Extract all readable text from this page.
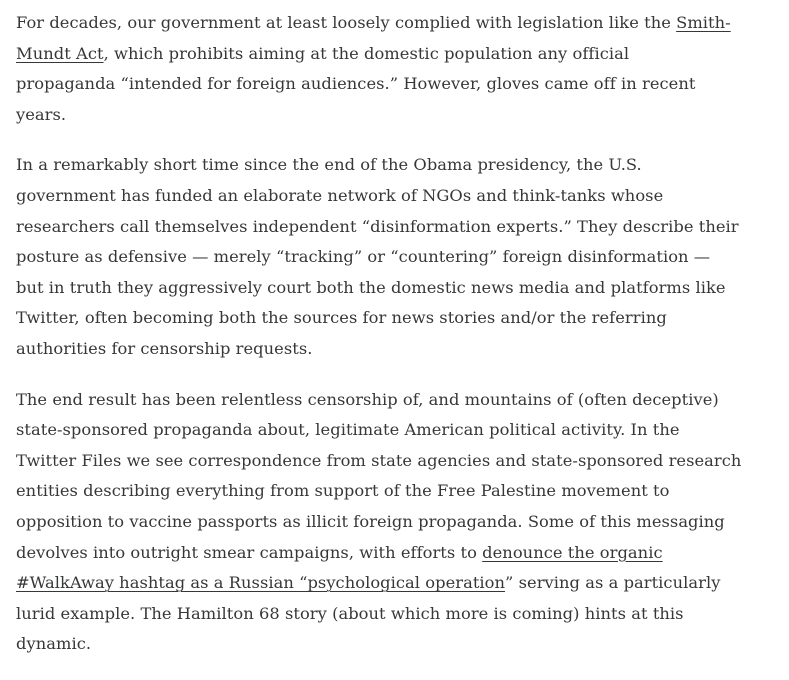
For decades, our government at least loosely complied with legislation like the Smith-
Mundt Act, which prohibits aiming at the domestic population any official
propaganda “intended for foreign audiences.” However, gloves came off in recent
years.

In a remarkably short time since the end of the Obama presidency, the U.S.
government has funded an elaborate network of NGOs and think-tanks whose
researchers call themselves independent “disinformation experts.” They describe their
posture as defensive — merely “tracking” or “countering” foreign disinformation —
but in truth they aggressively court both the domestic news media and platforms like
Twitter, often becoming both the sources for news stories and/or the referring
authorities for censorship requests.

The end result has been relentless censorship of, and mountains of (often deceptive)
state-sponsored propaganda about, legitimate American political activity. In the
Twitter Files we see correspondence from state agencies and state-sponsored research
entities describing everything from support of the Free Palestine movement to
opposition to vaccine passports as illicit foreign propaganda. Some of this messaging
devolves into outright smear campaigns, with efforts to denounce the organic
#WalkAway hashtag as a Russian “psychological operation” serving as a particularly
lurid example. The Hamilton 68 story (about which more is coming) hints at this
dynamic.
